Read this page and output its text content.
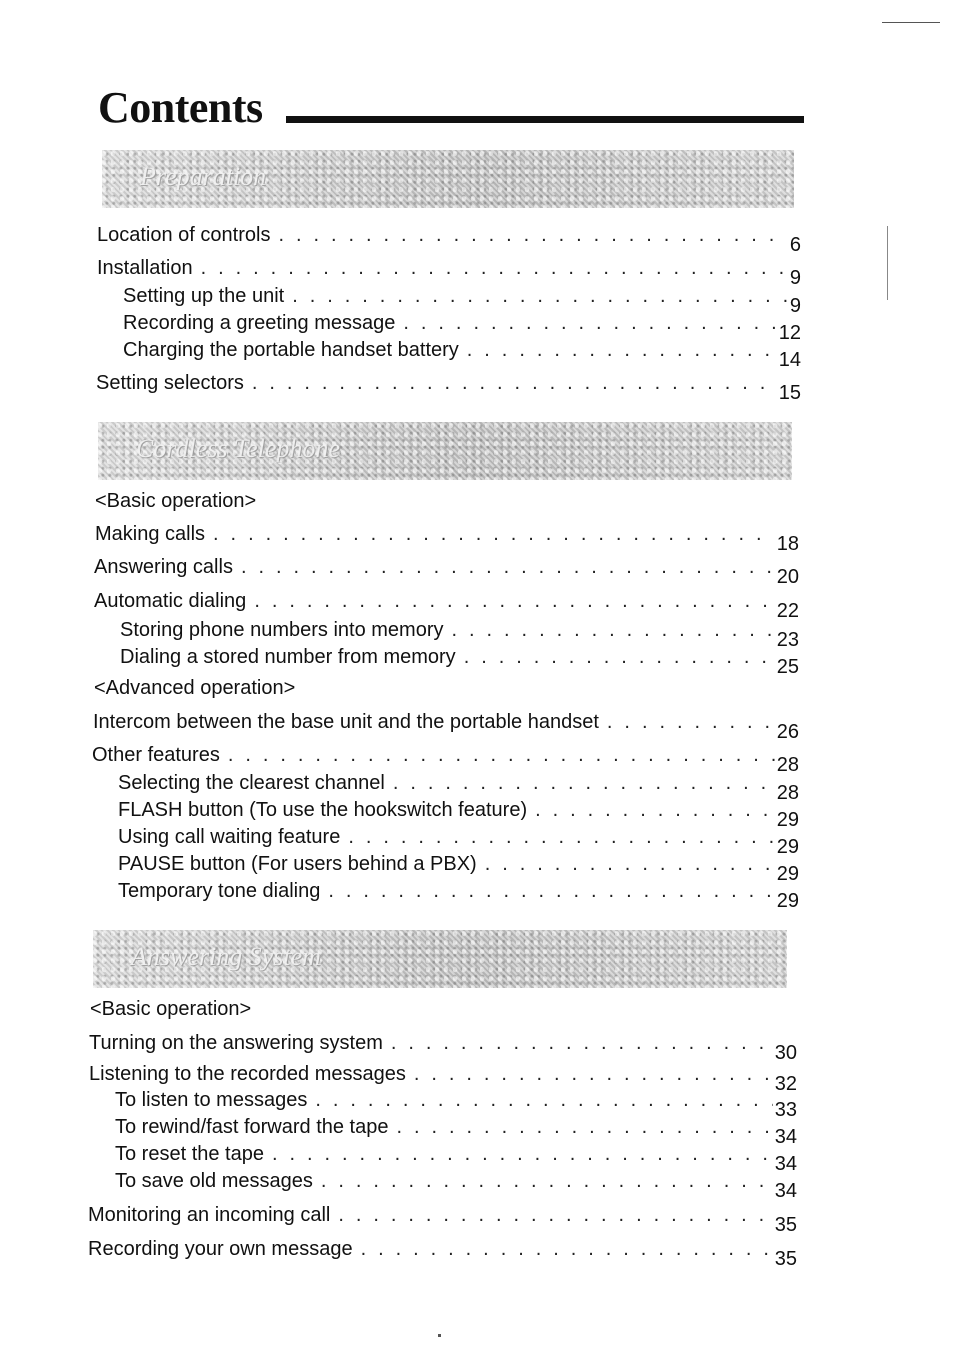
Contents
Preparation
Location of controls . . .	6
Installation . . .	9
Setting up the unit . . .	9
Recording a greeting message . . .	12
Charging the portable handset battery . . .	14
Setting selectors . . .	15
Cordless Telephone
<Basic operation>
Making calls . . .	18
Answering calls . . .	20
Automatic dialing . . .	22
Storing phone numbers into memory . . .	23
Dialing a stored number from memory . . .	25
<Advanced operation>
Intercom between the base unit and the portable handset . . .	26
Other features . . .	28
Selecting the clearest channel . . .	28
FLASH button (To use the hookswitch feature) . . .	29
Using call waiting feature . . .	29
PAUSE button (For users behind a PBX) . . .	29
Temporary tone dialing . . .	29
Answering System
<Basic operation>
Turning on the answering system . . .	30
Listening to the recorded messages . . .	32
To listen to messages . . .	33
To rewind/fast forward the tape . . .	34
To reset the tape . . .	34
To save old messages . . .	34
Monitoring an incoming call . . .	35
Recording your own message . . .	35
